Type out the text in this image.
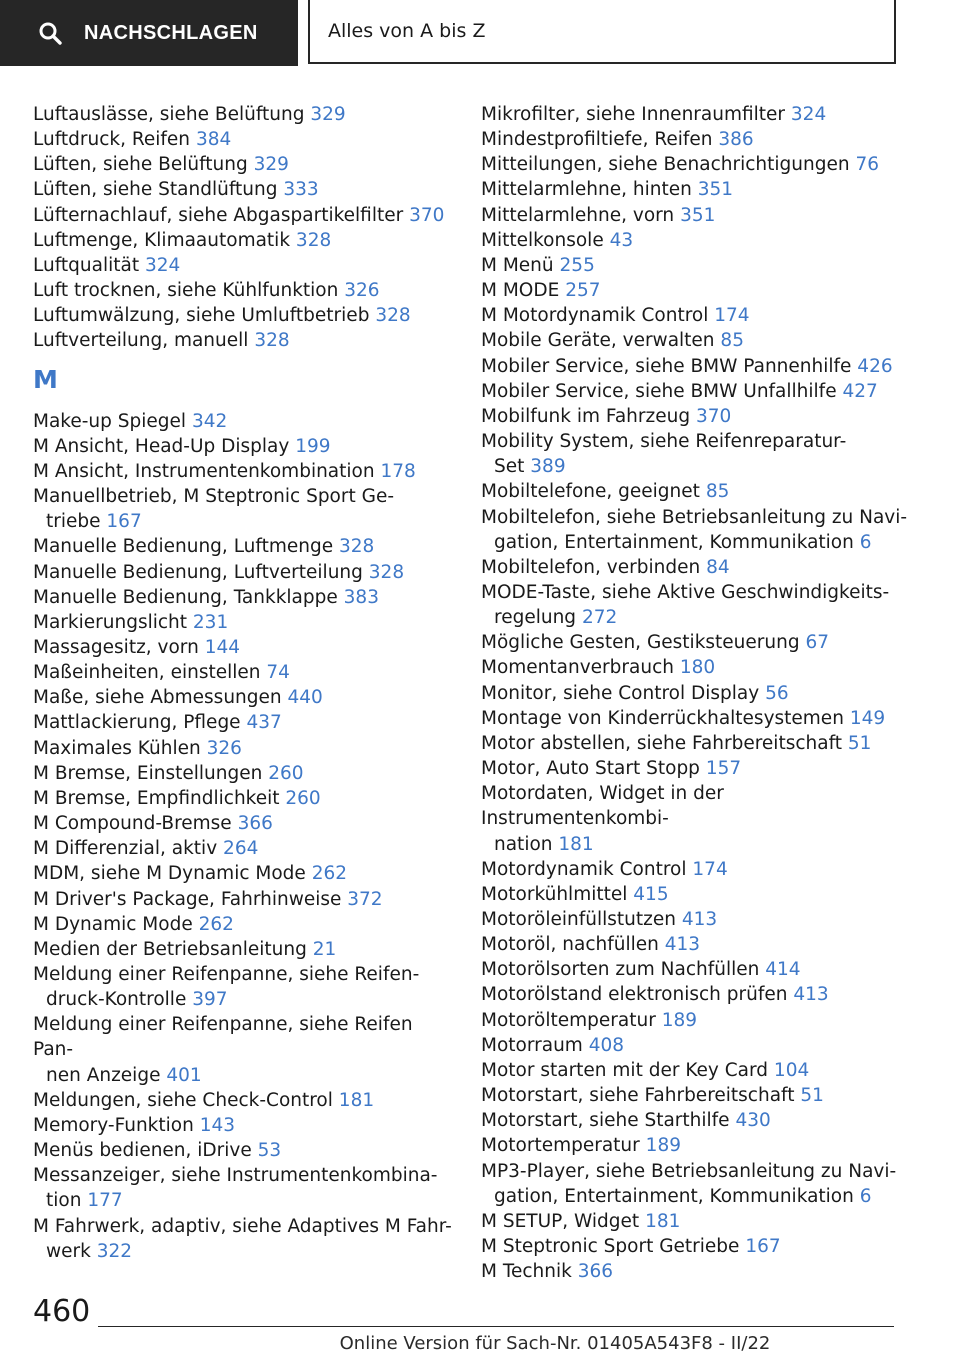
NACHSCHLAGEN	Alles von A bis Z
Luftauslässe, siehe Belüftung 329
Luftdruck, Reifen 384
Lüften, siehe Belüftung 329
Lüften, siehe Standlüftung 333
Lüfternachlauf, siehe Abgaspartikelfilter 370
Luftmenge, Klimaautomatik 328
Luftqualität 324
Luft trocknen, siehe Kühlfunktion 326
Luftumwälzung, siehe Umluftbetrieb 328
Luftverteilung, manuell 328
M
Make-up Spiegel 342
M Ansicht, Head-Up Display 199
M Ansicht, Instrumentenkombination 178
Manuellbetrieb, M Steptronic Sport Ge-
triebe 167
Manuelle Bedienung, Luftmenge 328
Manuelle Bedienung, Luftverteilung 328
Manuelle Bedienung, Tankklappe 383
Markierungslicht 231
Massagesitz, vorn 144
Maßeinheiten, einstellen 74
Maße, siehe Abmessungen 440
Mattlackierung, Pflege 437
Maximales Kühlen 326
M Bremse, Einstellungen 260
M Bremse, Empfindlichkeit 260
M Compound-Bremse 366
M Differenzial, aktiv 264
MDM, siehe M Dynamic Mode 262
M Driver's Package, Fahrhinweise 372
M Dynamic Mode 262
Medien der Betriebsanleitung 21
Meldung einer Reifenpanne, siehe Reifen-
druck-Kontrolle 397
Meldung einer Reifenpanne, siehe Reifen Pan-
nen Anzeige 401
Meldungen, siehe Check-Control 181
Memory-Funktion 143
Menüs bedienen, iDrive 53
Messanzeiger, siehe Instrumentenkombina-
tion 177
M Fahrwerk, adaptiv, siehe Adaptives M Fahr-
werk 322
Mikrofilter, siehe Innenraumfilter 324
Mindestprofiltiefe, Reifen 386
Mitteilungen, siehe Benachrichtigungen 76
Mittelarmlehne, hinten 351
Mittelarmlehne, vorn 351
Mittelkonsole 43
M Menü 255
M MODE 257
M Motordynamik Control 174
Mobile Geräte, verwalten 85
Mobiler Service, siehe BMW Pannenhilfe 426
Mobiler Service, siehe BMW Unfallhilfe 427
Mobilfunk im Fahrzeug 370
Mobility System, siehe Reifenreparatur-
Set 389
Mobiltelefone, geeignet 85
Mobiltelefon, siehe Betriebsanleitung zu Navi-
gation, Entertainment, Kommunikation 6
Mobiltelefon, verbinden 84
MODE-Taste, siehe Aktive Geschwindigkeits-
regelung 272
Mögliche Gesten, Gestiksteuerung 67
Momentanverbrauch 180
Monitor, siehe Control Display 56
Montage von Kinderrückhaltesystemen 149
Motor abstellen, siehe Fahrbereitschaft 51
Motor, Auto Start Stopp 157
Motordaten, Widget in der Instrumentenkombi-
nation 181
Motordynamik Control 174
Motorkühlmittel 415
Motoröleinfüllstutzen 413
Motoröl, nachfüllen 413
Motorölsorten zum Nachfüllen 414
Motorölstand elektronisch prüfen 413
Motoröltemperatur 189
Motorraum 408
Motor starten mit der Key Card 104
Motorstart, siehe Fahrbereitschaft 51
Motorstart, siehe Starthilfe 430
Motortemperatur 189
MP3-Player, siehe Betriebsanleitung zu Navi-
gation, Entertainment, Kommunikation 6
M SETUP, Widget 181
M Steptronic Sport Getriebe 167
M Technik 366
460
Online Version für Sach-Nr. 01405A543F8 - II/22
